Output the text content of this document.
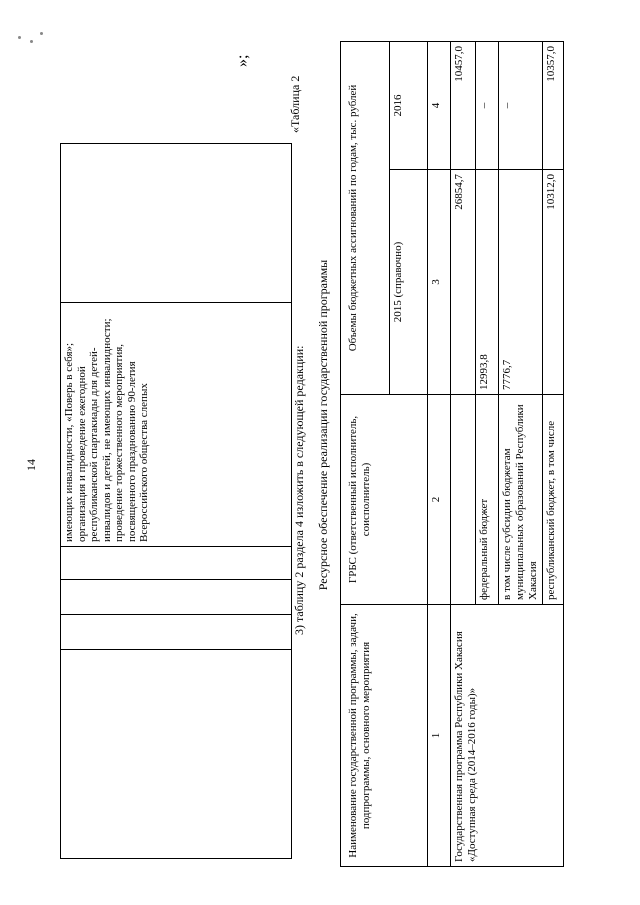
				имеющих инвалидности, «Поверь в себя»; организация и проведение ежегодной республиканской спартакиады для детей-инвалидов и детей, не имеющих инвалидности; проведение торжественного мероприятия, посвященного празднованию 90-летия Всероссийского общества слепых	
»;
14	3) таблицу 2 раздела 4 изложить в следующей редакции:
«Таблица 2
Ресурсное обеспечение реализации государственной программы
Наименование государственной программы, задачи, подпрограммы, основного мероприятия	ГРБС (ответственный исполнитель, соисполнитель)	Объемы бюджетных ассигнований по годам, тыс. рублей	
		2015 (справочно)	2016
1	2	3	4
Государственная программа Республики Хакасия «Доступная среда (2014–2016 годы)»		26854,7	10457,0
	федеральный бюджет	12993,8	–
	в том числе субсидии бюджетам муниципальных образований Республики Хакасия	7776,7	–
	республиканский бюджет, в том числе	10312,0	10357,0
